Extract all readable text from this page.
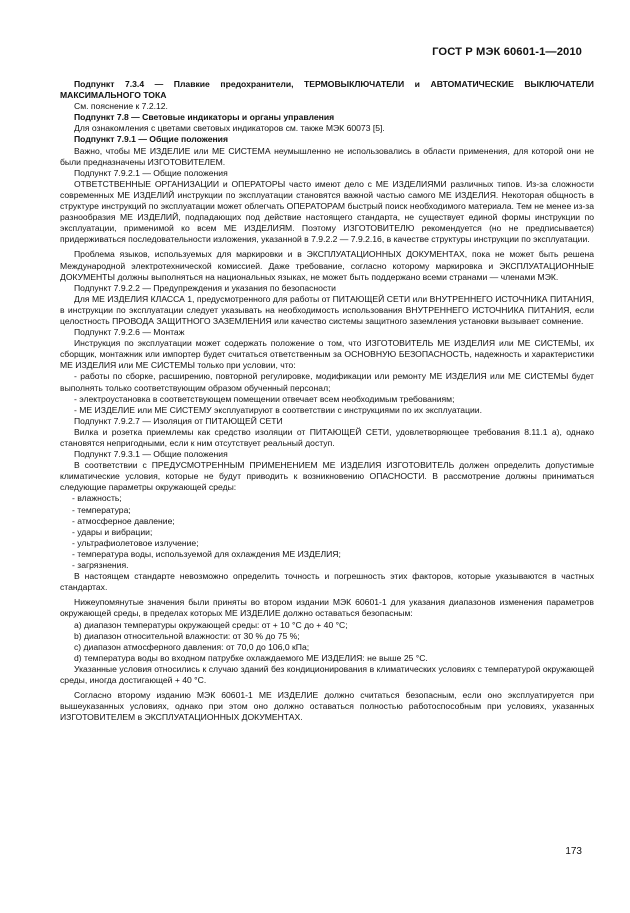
ГОСТ Р МЭК 60601-1—2010

Подпункт 7.3.4 — Плавкие предохранители, ТЕРМОВЫКЛЮЧАТЕЛИ и АВТОМАТИЧЕСКИЕ ВЫКЛЮЧАТЕЛИ МАКСИМАЛЬНОГО ТОКА

См. пояснение к 7.2.12.

Подпункт 7.8 — Световые индикаторы и органы управления

Для ознакомления с цветами световых индикаторов см. также МЭК 60073 [5].

Подпункт 7.9.1 — Общие положения

Важно, чтобы МЕ ИЗДЕЛИЕ или МЕ СИСТЕМА неумышленно не использовались в области применения, для которой они не были предназначены ИЗГОТОВИТЕЛЕМ.

Подпункт 7.9.2.1 — Общие положения

ОТВЕТСТВЕННЫЕ ОРГАНИЗАЦИИ и ОПЕРАТОРЫ часто имеют дело с МЕ ИЗДЕЛИЯМИ различных типов. Из-за сложности современных МЕ ИЗДЕЛИЙ инструкции по эксплуатации становятся важной частью самого МЕ ИЗДЕЛИЯ. Некоторая общность в структуре инструкций по эксплуатации может облегчать ОПЕРАТОРАМ быстрый поиск необходимого материала. Тем не менее из-за разнообразия МЕ ИЗДЕЛИЙ, подпадающих под действие настоящего стандарта, не существует единой формы инструкции по эксплуатации, применимой ко всем МЕ ИЗДЕЛИЯМ. Поэтому ИЗГОТОВИТЕЛЮ рекомендуется (но не предписывается) придерживаться последовательности изложения, указанной в 7.9.2.2 — 7.9.2.16, в качестве структуры инструкции по эксплуатации.

Проблема языков, используемых для маркировки и в ЭКСПЛУАТАЦИОННЫХ ДОКУМЕНТАХ, пока не может быть решена Международной электротехнической комиссией. Даже требование, согласно которому маркировка и ЭКСПЛУАТАЦИОННЫЕ ДОКУМЕНТЫ должны выполняться на национальных языках, не может быть поддержано всеми странами — членами МЭК.

Подпункт 7.9.2.2 — Предупреждения и указания по безопасности

Для МЕ ИЗДЕЛИЯ КЛАССА 1, предусмотренного для работы от ПИТАЮЩЕЙ СЕТИ или ВНУТРЕННЕГО ИСТОЧНИКА ПИТАНИЯ, в инструкции по эксплуатации следует указывать на необходимость использования ВНУТРЕННЕГО ИСТОЧНИКА ПИТАНИЯ, если целостность ПРОВОДА ЗАЩИТНОГО ЗАЗЕМЛЕНИЯ или качество системы защитного заземления установки вызывает сомнение.

Подпункт 7.9.2.6 — Монтаж

Инструкция по эксплуатации может содержать положение о том, что ИЗГОТОВИТЕЛЬ МЕ ИЗДЕЛИЯ или МЕ СИСТЕМЫ, их сборщик, монтажник или импортер будет считаться ответственным за ОСНОВНУЮ БЕЗОПАСНОСТЬ, надежность и характеристики МЕ ИЗДЕЛИЯ или МЕ СИСТЕМЫ только при условии, что:

- работы по сборке, расширению, повторной регулировке, модификации или ремонту МЕ ИЗДЕЛИЯ или МЕ СИСТЕМЫ будет выполнять только соответствующим образом обученный персонал;

- электроустановка в соответствующем помещении отвечает всем необходимым требованиям;

- МЕ ИЗДЕЛИЕ или МЕ СИСТЕМУ эксплуатируют в соответствии с инструкциями по их эксплуатации.

Подпункт 7.9.2.7 — Изоляция от ПИТАЮЩЕЙ СЕТИ

Вилка и розетка приемлемы как средство изоляции от ПИТАЮЩЕЙ СЕТИ, удовлетворяющее требования 8.11.1 а), однако становятся непригодными, если к ним отсутствует реальный доступ.

Подпункт 7.9.3.1 — Общие положения

В соответствии с ПРЕДУСМОТРЕННЫМ ПРИМЕНЕНИЕМ МЕ ИЗДЕЛИЯ ИЗГОТОВИТЕЛЬ должен определить допустимые климатические условия, которые не будут приводить к возникновению ОПАСНОСТИ. В рассмотрение должны приниматься следующие параметры окружающей среды:

- влажность;

- температура;

- атмосферное давление;

- удары и вибрации;

- ультрафиолетовое излучение;

- температура воды, используемой для охлаждения МЕ ИЗДЕЛИЯ;

- загрязнения.

В настоящем стандарте невозможно определить точность и погрешность этих факторов, которые указываются в частных стандартах.

Нижеупомянутые значения были приняты во втором издании МЭК 60601-1 для указания диапазонов изменения параметров окружающей среды, в пределах которых МЕ ИЗДЕЛИЕ должно оставаться безопасным:

а) диапазон температуры окружающей среды: от + 10 °C до + 40 °C;

b) диапазон относительной влажности: от 30 % до 75 %;

с) диапазон атмосферного давления: от 70,0 до 106,0 кПа;

d) температура воды во входном патрубке охлаждаемого МЕ ИЗДЕЛИЯ: не выше 25 °C.

Указанные условия относились к случаю зданий без кондиционирования в климатических условиях с температурой окружающей среды, иногда достигающей + 40 °C.

Согласно второму изданию МЭК 60601-1 МЕ ИЗДЕЛИЕ должно считаться безопасным, если оно эксплуатируется при вышеуказанных условиях, однако при этом оно должно оставаться полностью работоспособным при условиях, указанных ИЗГОТОВИТЕЛЕМ в ЭКСПЛУАТАЦИОННЫХ ДОКУМЕНТАХ.

173
